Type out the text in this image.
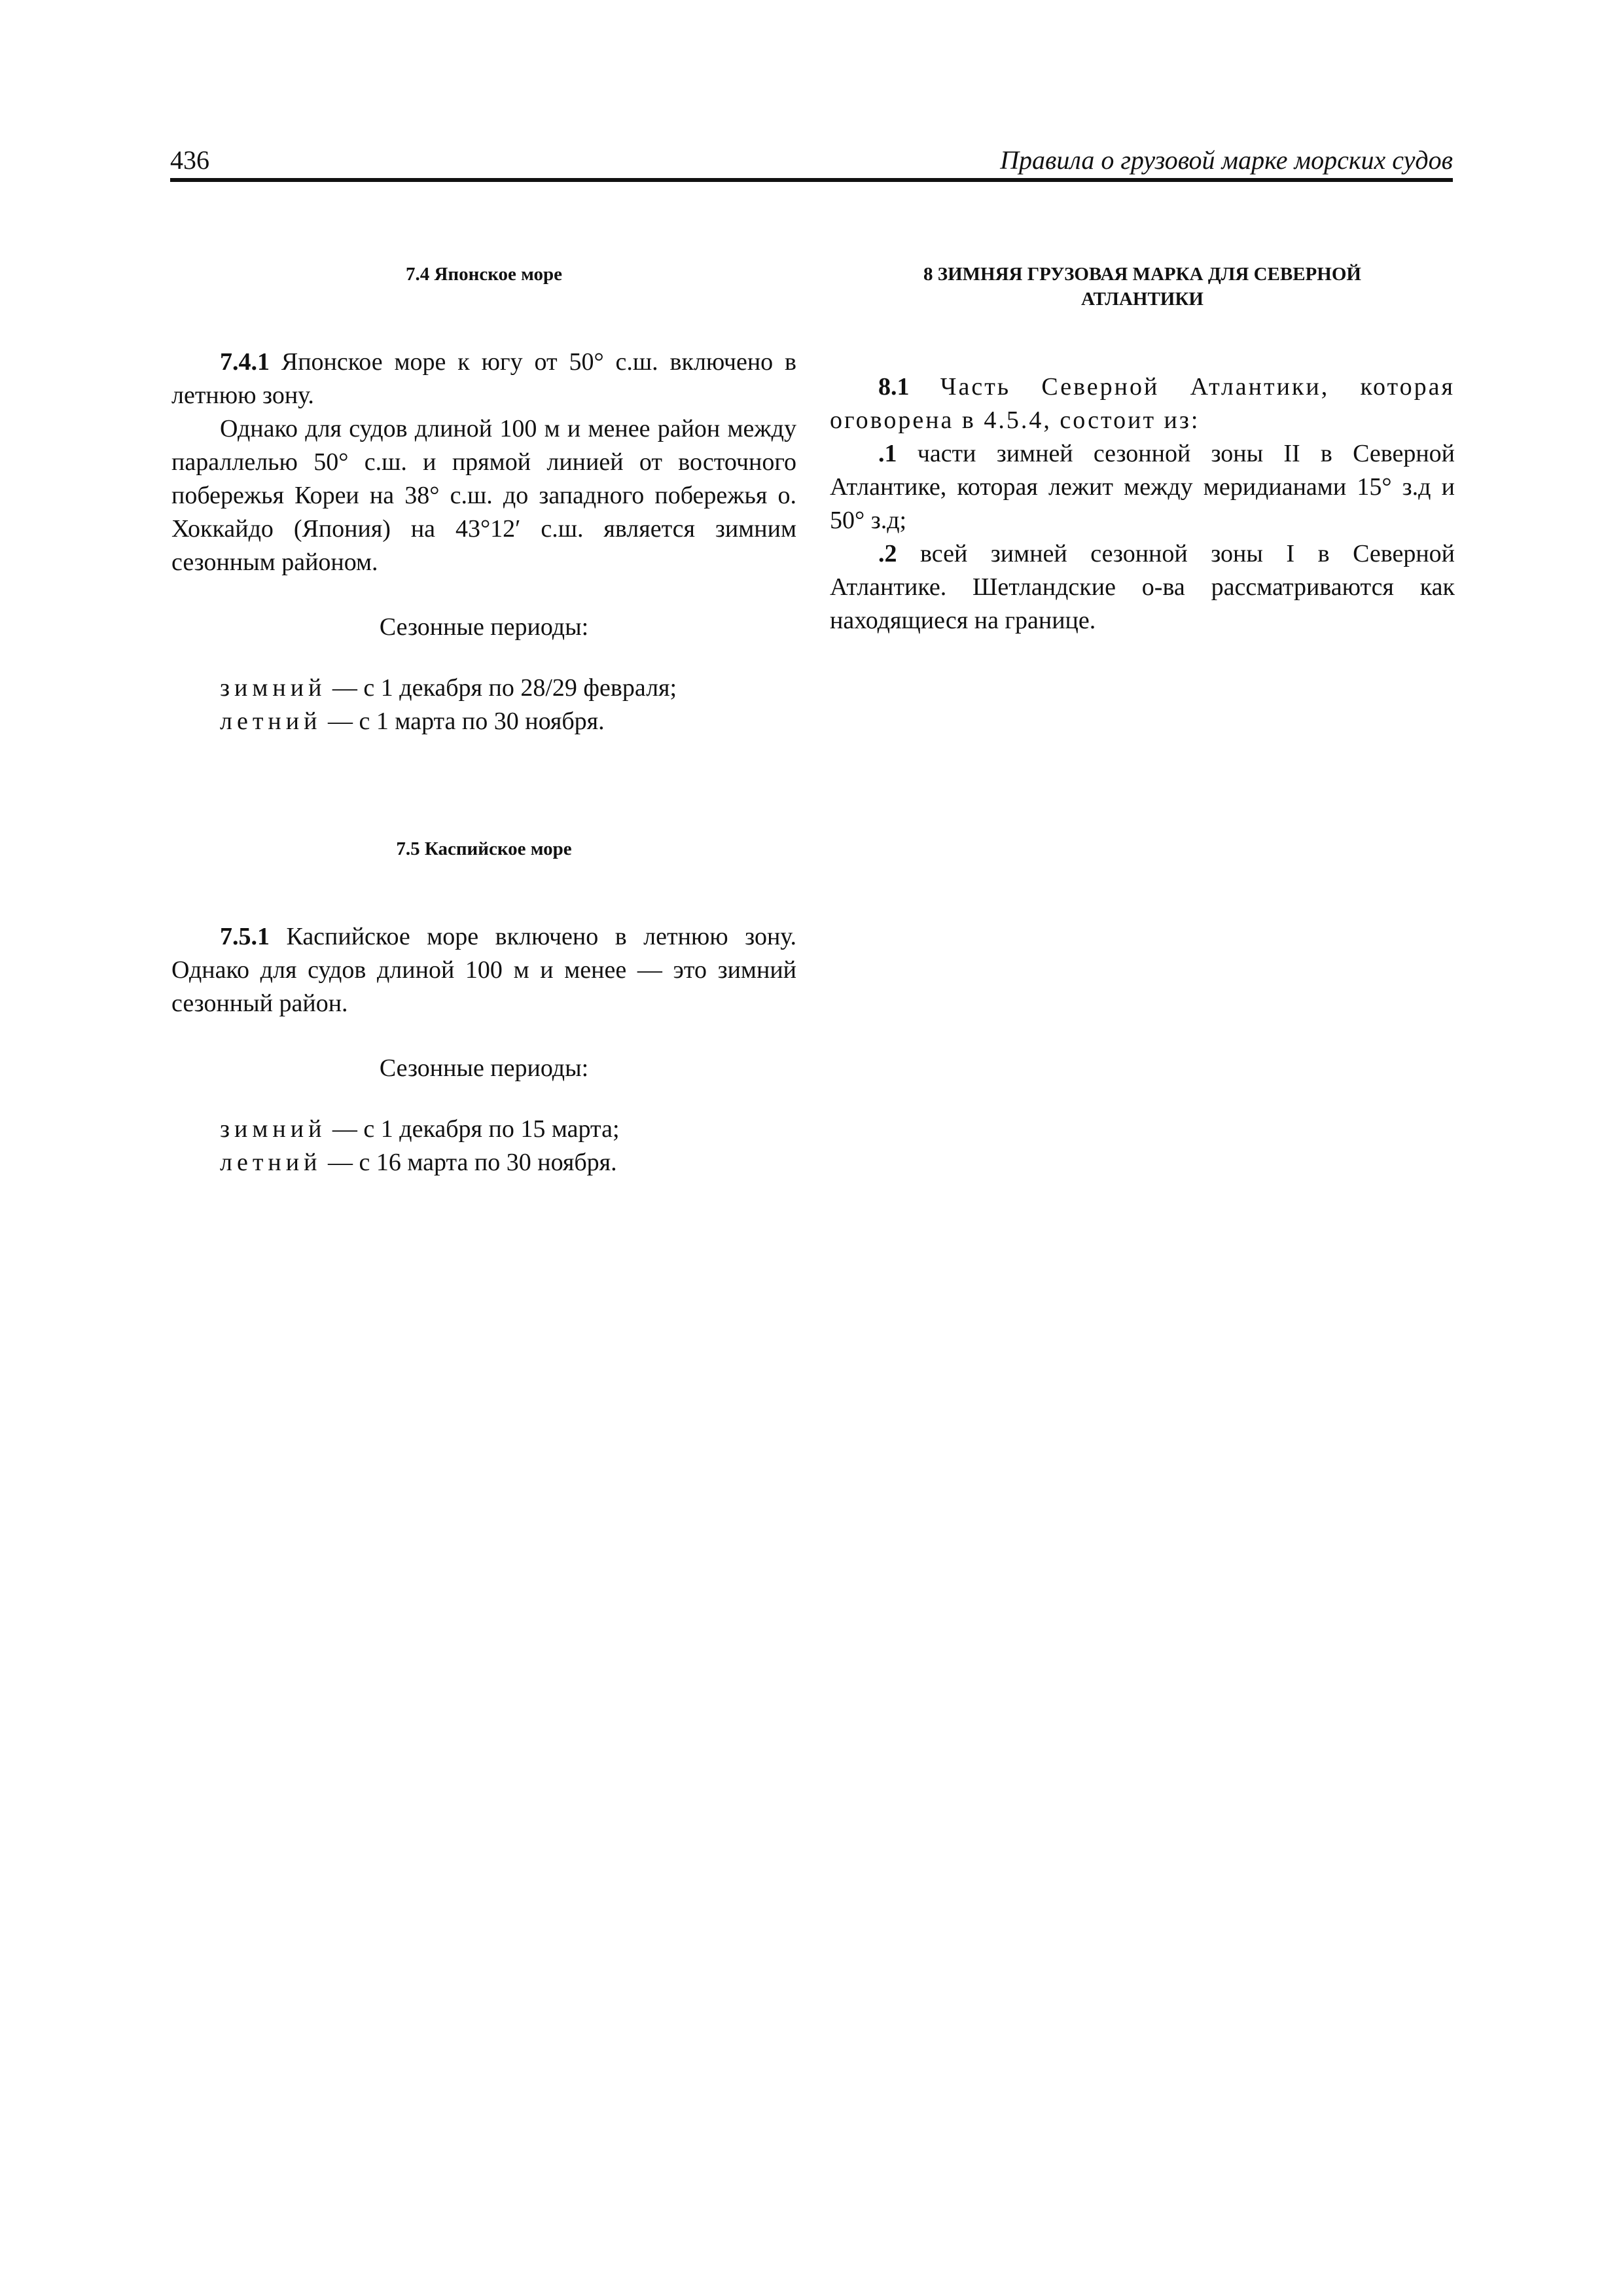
436	Правила о грузовой марке морских судов
7.4 Японское море

7.4.1 Японское море к югу от 50° с.ш. включено в летнюю зону.

Однако для судов длиной 100 м и менее район между параллелью 50° с.ш. и прямой линией от восточного побережья Кореи на 38° с.ш. до западного побережья о. Хоккайдо (Япония) на 43°12′ с.ш. является зимним сезонным районом.

Сезонные периоды:
зимний — с 1 декабря по 28/29 февраля;
летний — с 1 марта по 30 ноября.
7.5 Каспийское море

7.5.1 Каспийское море включено в летнюю зону. Однако для судов длиной 100 м и менее — это зимний сезонный район.

Сезонные периоды:
зимний — с 1 декабря по 15 марта;
летний — с 16 марта по 30 ноября.
8 ЗИМНЯЯ ГРУЗОВАЯ МАРКА ДЛЯ СЕВЕРНОЙ
АТЛАНТИКИ

8.1 Часть Северной Атлантики, которая оговорена в 4.5.4, состоит из:

.1 части зимней сезонной зоны II в Северной Атлантике, которая лежит между меридианами 15° з.д и 50° з.д;

.2 всей зимней сезонной зоны I в Северной Атлантике. Шетландские о-ва рассматриваются как находящиеся на границе.
